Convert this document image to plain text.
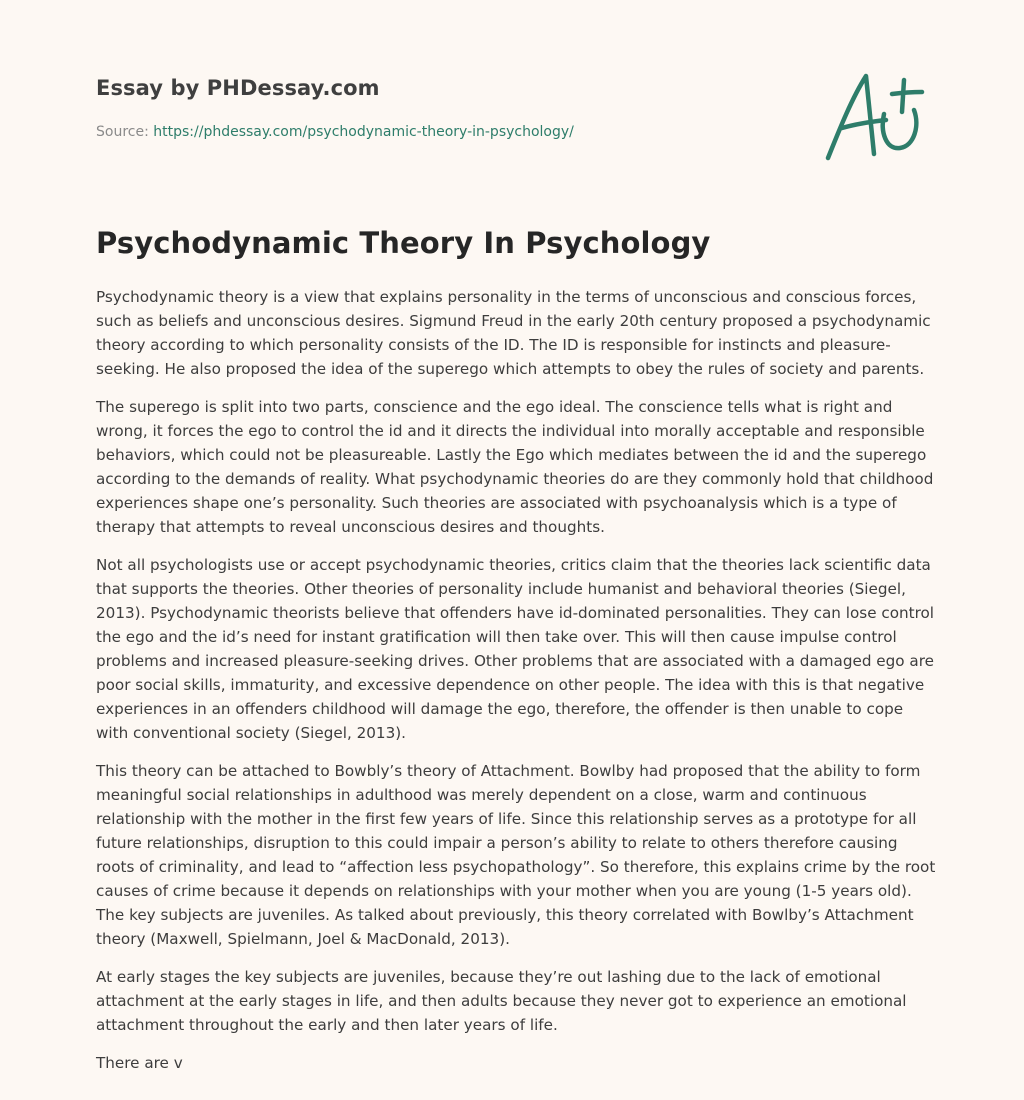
Essay by PHDessay.com
Source: https://phdessay.com/psychodynamic-theory-in-psychology/
Psychodynamic Theory In Psychology

Psychodynamic theory is a view that explains personality in the terms of unconscious and conscious forces, such as beliefs and unconscious desires. Sigmund Freud in the early 20th century proposed a psychodynamic theory according to which personality consists of the ID. The ID is responsible for instincts and pleasure-seeking. He also proposed the idea of the superego which attempts to obey the rules of society and parents.

The superego is split into two parts, conscience and the ego ideal. The conscience tells what is right and wrong, it forces the ego to control the id and it directs the individual into morally acceptable and responsible behaviors, which could not be pleasureable. Lastly the Ego which mediates between the id and the superego according to the demands of reality. What psychodynamic theories do are they commonly hold that childhood experiences shape one’s personality. Such theories are associated with psychoanalysis which is a type of therapy that attempts to reveal unconscious desires and thoughts.

Not all psychologists use or accept psychodynamic theories, critics claim that the theories lack scientific data that supports the theories. Other theories of personality include humanist and behavioral theories (Siegel, 2013). Psychodynamic theorists believe that offenders have id-dominated personalities. They can lose control the ego and the id’s need for instant gratification will then take over. This will then cause impulse control problems and increased pleasure-seeking drives. Other problems that are associated with a damaged ego are poor social skills, immaturity, and excessive dependence on other people. The idea with this is that negative experiences in an offenders childhood will damage the ego, therefore, the offender is then unable to cope with conventional society (Siegel, 2013).

This theory can be attached to Bowbly’s theory of Attachment. Bowlby had proposed that the ability to form meaningful social relationships in adulthood was merely dependent on a close, warm and continuous relationship with the mother in the first few years of life. Since this relationship serves as a prototype for all future relationships, disruption to this could impair a person’s ability to relate to others therefore causing roots of criminality, and lead to “affection less psychopathology”. So therefore, this explains crime by the root causes of crime because it depends on relationships with your mother when you are young (1-5 years old). The key subjects are juveniles. As talked about previously, this theory correlated with Bowlby’s Attachment theory (Maxwell, Spielmann, Joel & MacDonald, 2013).

At early stages the key subjects are juveniles, because they’re out lashing due to the lack of emotional attachment at the early stages in life, and then adults because they never got to experience an emotional attachment throughout the early and then later years of life.

There are v
